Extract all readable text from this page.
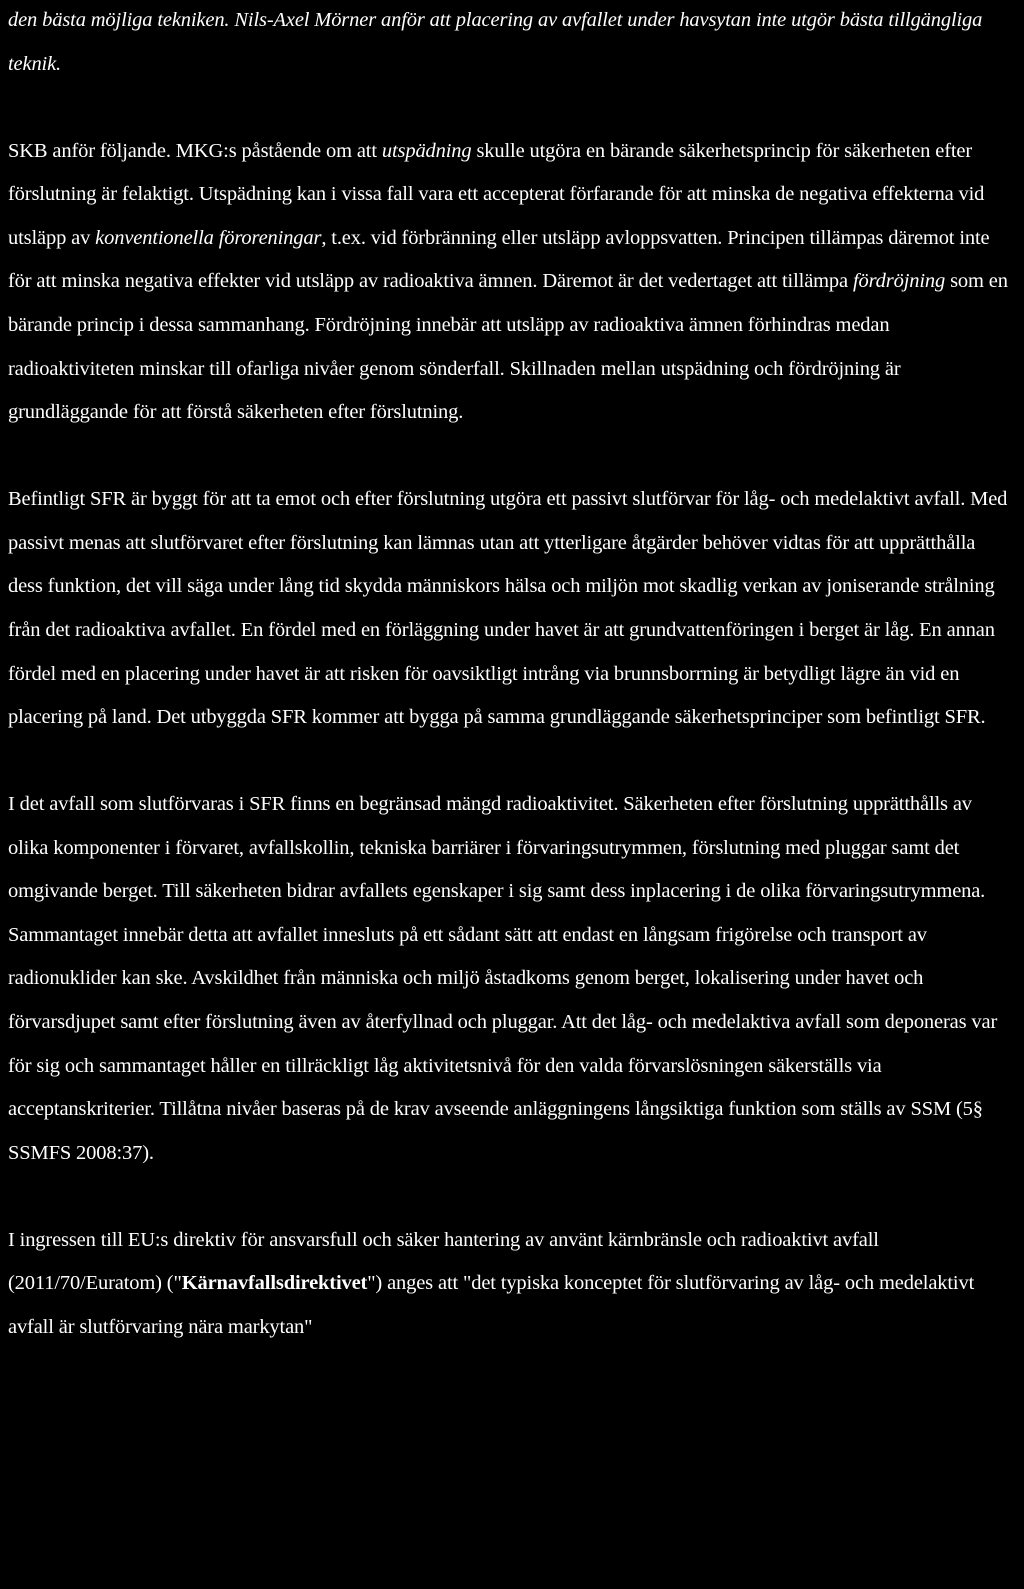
den bästa möjliga tekniken. Nils-Axel Mörner anför att placering av avfallet under havsytan inte utgör bästa tillgängliga teknik.

SKB anför följande. MKG:s påstående om att utspädning skulle utgöra en bärande säkerhetsprincip för säkerheten efter förslutning är felaktigt. Utspädning kan i vissa fall vara ett accepterat förfarande för att minska de negativa effekterna vid utsläpp av konventionella föroreningar, t.ex. vid förbränning eller utsläpp avloppsvatten. Principen tillämpas däremot inte för att minska negativa effekter vid utsläpp av radioaktiva ämnen. Däremot är det vedertaget att tillämpa fördröjning som en bärande princip i dessa sammanhang. Fördröjning innebär att utsläpp av radioaktiva ämnen förhindras medan radioaktiviteten minskar till ofarliga nivåer genom sönderfall. Skillnaden mellan utspädning och fördröjning är grundläggande för att förstå säkerheten efter förslutning.

Befintligt SFR är byggt för att ta emot och efter förslutning utgöra ett passivt slutförvar för låg- och medelaktivt avfall. Med passivt menas att slutförvaret efter förslutning kan lämnas utan att ytterligare åtgärder behöver vidtas för att upprätthålla dess funktion, det vill säga under lång tid skydda människors hälsa och miljön mot skadlig verkan av joniserande strålning från det radioaktiva avfallet. En fördel med en förläggning under havet är att grundvattenföringen i berget är låg. En annan fördel med en placering under havet är att risken för oavsiktligt intrång via brunnsborrning är betydligt lägre än vid en placering på land. Det utbyggda SFR kommer att bygga på samma grundläggande säkerhetsprinciper som befintligt SFR.

I det avfall som slutförvaras i SFR finns en begränsad mängd radioaktivitet. Säkerheten efter förslutning upprätthålls av olika komponenter i förvaret, avfallskollin, tekniska barriärer i förvaringsutrymmen, förslutning med pluggar samt det omgivande berget. Till säkerheten bidrar avfallets egenskaper i sig samt dess inplacering i de olika förvaringsutrymmena. Sammantaget innebär detta att avfallet innesluts på ett sådant sätt att endast en långsam frigörelse och transport av radionuklider kan ske. Avskildhet från människa och miljö åstadkoms genom berget, lokalisering under havet och förvarsdjupet samt efter förslutning även av återfyllnad och pluggar. Att det låg- och medelaktiva avfall som deponeras var för sig och sammantaget håller en tillräckligt låg aktivitetsnivå för den valda förvarslösningen säkerställs via acceptanskriterier. Tillåtna nivåer baseras på de krav avseende anläggningens långsiktiga funktion som ställs av SSM (5§ SSMFS 2008:37).

I ingressen till EU:s direktiv för ansvarsfull och säker hantering av använt kärnbränsle och radioaktivt avfall (2011/70/Euratom) ("Kärnavfallsdirektivet") anges att "det typiska konceptet för slutförvaring av låg- och medelaktivt avfall är slutförvaring nära markytan"
